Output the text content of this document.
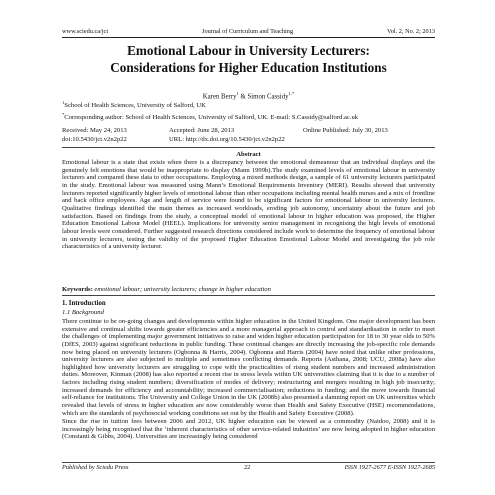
www.sciedu.ca/jct	Journal of Curriculum and Teaching	Vol. 2, No. 2; 2013
Emotional Labour in University Lecturers:
Considerations for Higher Education Institutions
Karen Berry$^1$ & Simon Cassidy$^{1,*}$
$^1$School of Health Sciences, University of Salford, UK
*Corresponding author: School of Health Sciences, University of Salford, UK. E-mail: S.Cassidy@salford.ac.uk
Received: May 24, 2013	Accepted: June 28, 2013	Online Published: July 30, 2013
doi:10.5430/jct.v2n2p22	URL: http://dx.doi.org/10.5430/jct.v2n2p22
Abstract
Emotional labour is a state that exists when there is a discrepancy between the emotional demeanour that an individual displays and the genuinely felt emotions that would be inappropriate to display (Mann 1999b).The study examined levels of emotional labour in university lecturers and compared these data to other occupations. Employing a mixed methods design, a sample of 61 university lecturers participated in the study. Emotional labour was measured using Mann’s Emotional Requirements Inventory (MERI). Results showed that university lecturers reported significantly higher levels of emotional labour than other occupations including mental health nurses and a mix of frontline and back office employees. Age and length of service were found to be significant factors for emotional labour in university lecturers. Qualitative findings identified the main themes as increased workloads, eroding job autonomy, uncertainty about the future and job satisfaction. Based on findings from the study, a conceptual model of emotional labour in higher education was proposed, the Higher Education Emotional Labour Model (HEEL). Implications for university senior management in recognising the high levels of emotional labour levels were considered. Further suggested research directions considered include work to determine the frequency of emotional labour in university lecturers, testing the validity of the proposed Higher Education Emotional Labour Model and investigating the job role characteristics of a university lecturer.
Keywords: emotional labour; university lecturers; change in higher education
1. Introduction
1.1 Background

There continue to be on-going changes and developments within higher education in the United Kingdom. One major development has been extensive and continual shifts towards greater efficiencies and a more managerial approach to control and standardisation in order to meet the challenges of implementing major government initiatives to raise and widen higher education participation for 18 to 30 year olds to 50% (DfES, 2003) against significant reductions in public funding. These continual changes are directly increasing the job-specific role demands now being placed on university lecturers (Ogbonna & Harris, 2004). Ogbonna and Harris (2004) have noted that unlike other professions, university lecturers are also subjected to multiple and sometimes conflicting demands. Reports (Asthana, 2008; UCU, 2008a) have also highlighted how university lecturers are struggling to cope with the practicalities of rising student numbers and increased administration duties. Moreover, Kinman (2008) has also reported a recent rise in stress levels within UK universities claiming that it is due to a number of factors including rising student numbers; diversification of modes of delivery; restructuring and mergers resulting in high job insecurity; increased demands for efficiency and accountability; increased commercialisation; reductions in funding; and the move towards financial self-reliance for institutions. The University and College Union in the UK (2008b) also presented a damning report on UK universities which revealed that levels of stress in higher education are now considerably worse than Health and Safety Executive (HSE) recommendations, which are the standards of psychosocial working conditions set out by the Health and Safety Executive (2008).

Since the rise in tuition fees between 2006 and 2012, UK higher education can be viewed as a commodity (Naidoo, 2008) and it is increasingly being recognised that the ‘inherent characteristics of other service-related industries’ are now being adopted in higher education (Constanti & Gibbs, 2004). Universities are increasingly being considered

Published by Sciedu Press	22	ISSN 1927-2677 E-ISSN 1927-2685
